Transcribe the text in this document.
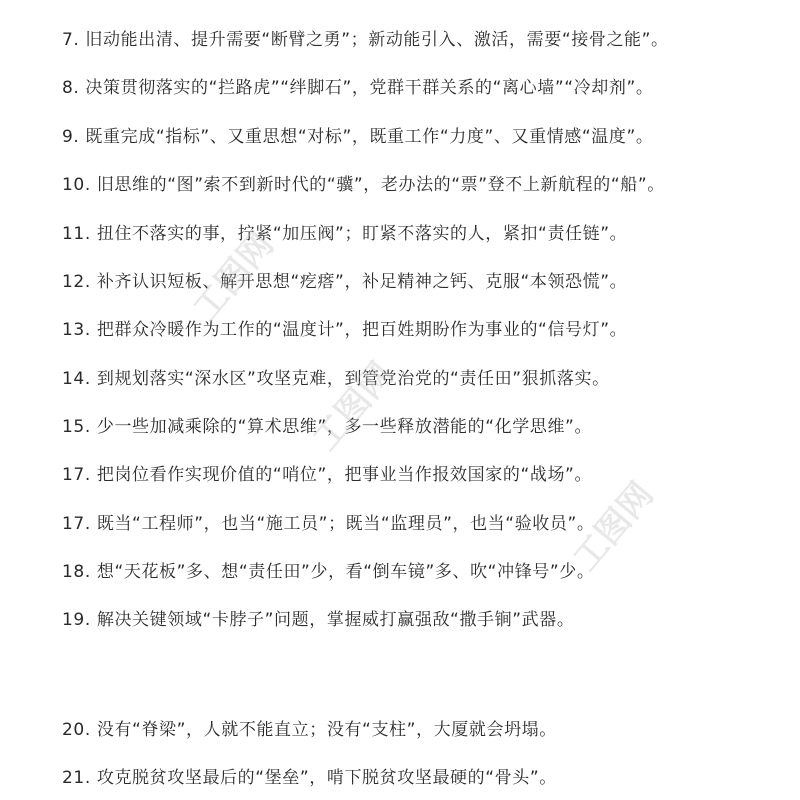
7. 旧动能出清、提升需要“断臂之勇”；新动能引入、激活，需要“接骨之能”。
8. 决策贯彻落实的“拦路虎”“绊脚石”，党群干群关系的“离心墙”“冷却剂”。
9. 既重完成“指标”、又重思想“对标”，既重工作“力度”、又重情感“温度”。
10. 旧思维的“图”索不到新时代的“骥”，老办法的“票”登不上新航程的“船”。
11. 扭住不落实的事，拧紧“加压阀”；盯紧不落实的人，紧扣“责任链”。
12. 补齐认识短板、解开思想“疙瘩”，补足精神之钙、克服“本领恐慌”。
13. 把群众冷暖作为工作的“温度计”，把百姓期盼作为事业的“信号灯”。
14. 到规划落实“深水区”攻坚克难，到管党治党的“责任田”狠抓落实。
15. 少一些加减乘除的“算术思维”，多一些释放潜能的“化学思维”。
17. 把岗位看作实现价值的“哨位”，把事业当作报效国家的“战场”。
17. 既当“工程师”，也当“施工员”；既当“监理员”，也当“验收员”。
18. 想“天花板”多、想“责任田”少，看“倒车镜”多、吹“冲锋号”少。
19. 解决关键领域“卡脖子”问题，掌握威打赢强敌“撒手锏”武器。
20. 没有“脊梁”，人就不能直立；没有“支柱”，大厦就会坍塌。
21. 攻克脱贫攻坚最后的“堡垒”，啃下脱贫攻坚最硬的“骨头”。
工图网
工图网
工图网
